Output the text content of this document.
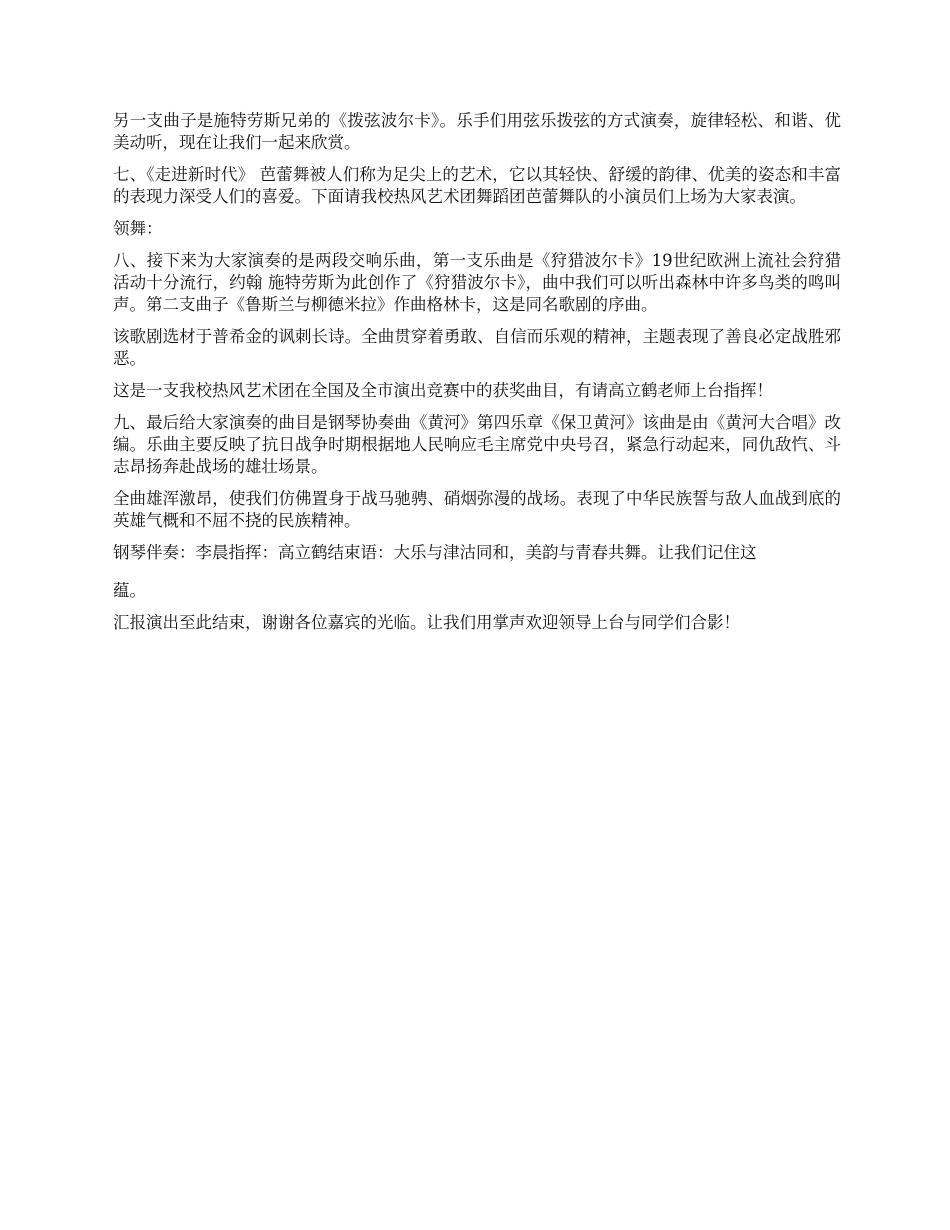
另一支曲子是施特劳斯兄弟的《拨弦波尔卡》。乐手们用弦乐拨弦的方式演奏，旋律轻松、和谐、优美动听，现在让我们一起来欣赏。

七、《走进新时代》 芭蕾舞被人们称为足尖上的艺术，它以其轻快、舒缓的韵律、优美的姿态和丰富的表现力深受人们的喜爱。下面请我校热风艺术团舞蹈团芭蕾舞队的小演员们上场为大家表演。

领舞：

八、接下来为大家演奏的是两段交响乐曲，第一支乐曲是《狩猎波尔卡》19世纪欧洲上流社会狩猎活动十分流行，约翰 施特劳斯为此创作了《狩猎波尔卡》，曲中我们可以听出森林中许多鸟类的鸣叫声。第二支曲子《鲁斯兰与柳德米拉》作曲格林卡，这是同名歌剧的序曲。

该歌剧选材于普希金的讽刺长诗。全曲贯穿着勇敢、自信而乐观的精神，主题表现了善良必定战胜邪恶。

这是一支我校热风艺术团在全国及全市演出竞赛中的获奖曲目，有请高立鹤老师上台指挥！

九、最后给大家演奏的曲目是钢琴协奏曲《黄河》第四乐章《保卫黄河》该曲是由《黄河大合唱》改编。乐曲主要反映了抗日战争时期根据地人民响应毛主席党中央号召，紧急行动起来，同仇敌忾、斗志昂扬奔赴战场的雄壮场景。

全曲雄浑激昂，使我们仿佛置身于战马驰骋、硝烟弥漫的战场。表现了中华民族誓与敌人血战到底的英雄气概和不屈不挠的民族精神。

钢琴伴奏：李晨指挥：高立鹤结束语：大乐与津沽同和，美韵与青春共舞。让我们记住这

蕴。

汇报演出至此结束，谢谢各位嘉宾的光临。让我们用掌声欢迎领导上台与同学们合影！
